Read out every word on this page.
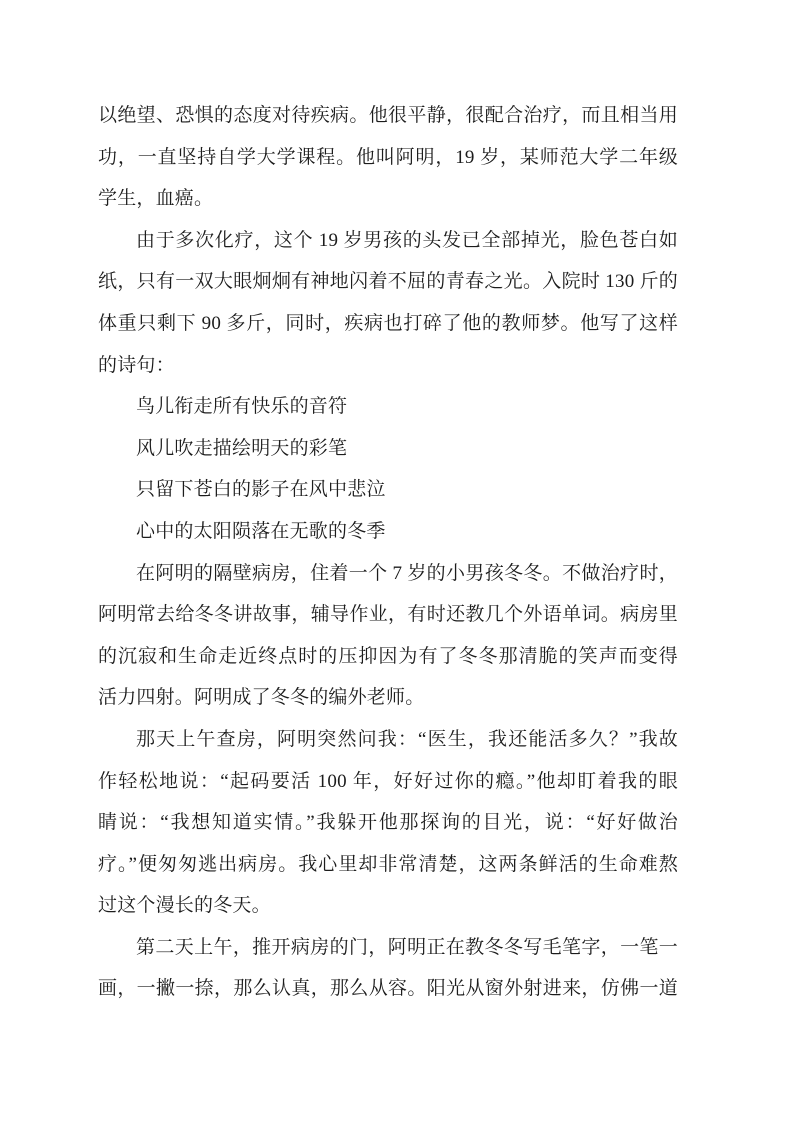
以绝望、恐惧的态度对待疾病。他很平静，很配合治疗，而且相当用
功，一直坚持自学大学课程。他叫阿明，19 岁，某师范大学二年级
学生，血癌。
由于多次化疗，这个 19 岁男孩的头发已全部掉光，脸色苍白如
纸，只有一双大眼炯炯有神地闪着不屈的青春之光。入院时 130 斤的
体重只剩下 90 多斤，同时，疾病也打碎了他的教师梦。他写了这样
的诗句：
鸟儿衔走所有快乐的音符
风儿吹走描绘明天的彩笔
只留下苍白的影子在风中悲泣
心中的太阳陨落在无歌的冬季
在阿明的隔壁病房，住着一个 7 岁的小男孩冬冬。不做治疗时，
阿明常去给冬冬讲故事，辅导作业，有时还教几个外语单词。病房里
的沉寂和生命走近终点时的压抑因为有了冬冬那清脆的笑声而变得
活力四射。阿明成了冬冬的编外老师。
那天上午查房，阿明突然问我：“医生，我还能活多久？”我故
作轻松地说：“起码要活 100 年，好好过你的瘾。”他却盯着我的眼
睛说：“我想知道实情。”我躲开他那探询的目光，说：“好好做治
疗。”便匆匆逃出病房。我心里却非常清楚，这两条鲜活的生命难熬
过这个漫长的冬天。
第二天上午，推开病房的门，阿明正在教冬冬写毛笔字，一笔一
画，一撇一捺，那么认真，那么从容。阳光从窗外射进来，仿佛一道
